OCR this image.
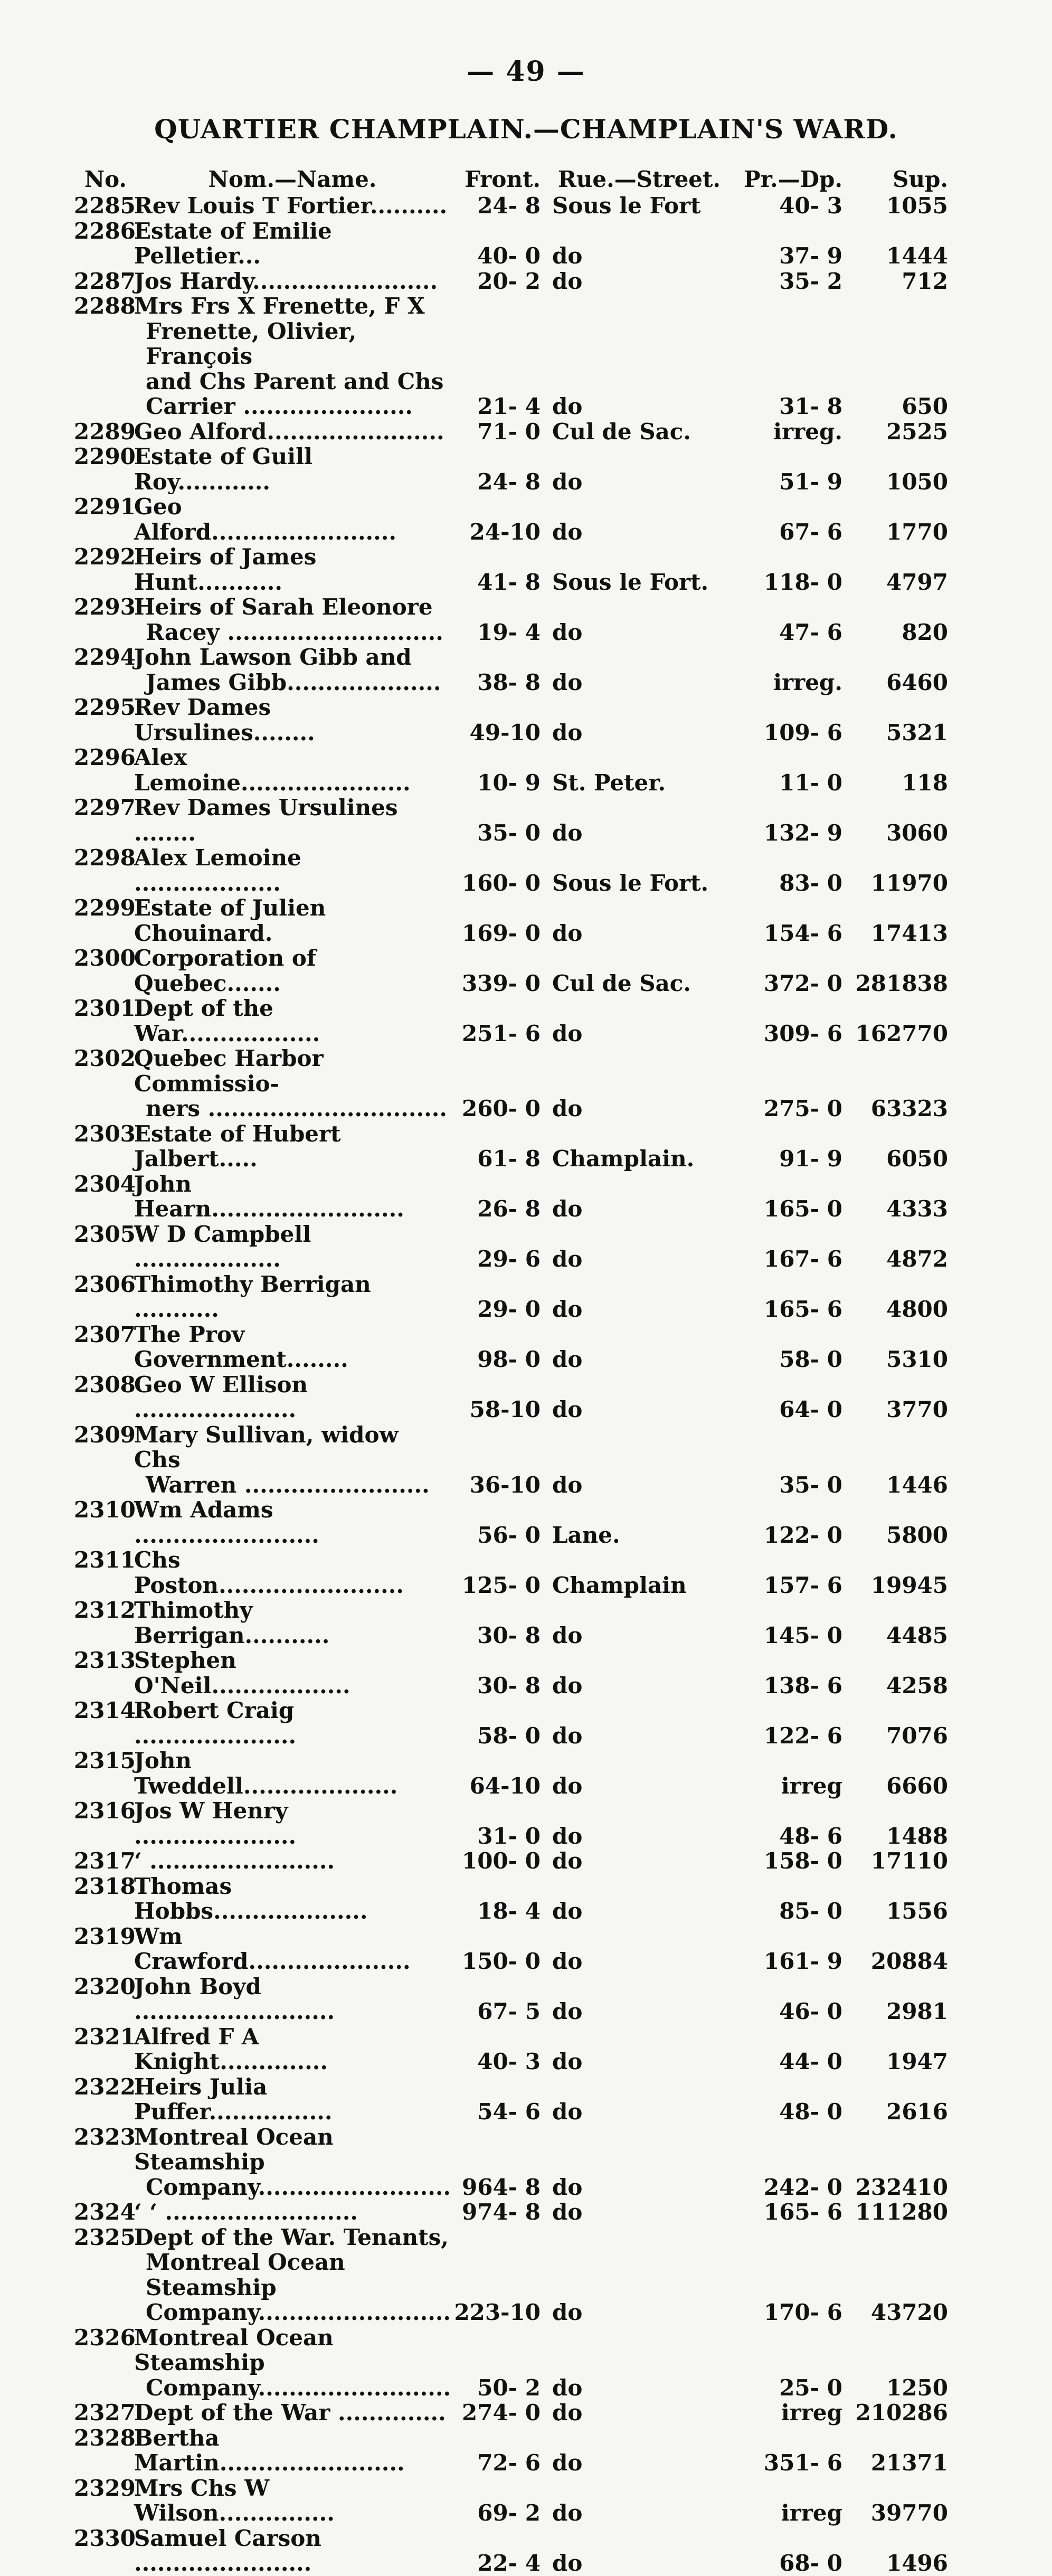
— 49 —
QUARTIER CHAMPLAIN.—CHAMPLAIN'S WARD.
No.	Nom.—Name.	Front.	Rue.—Street.	Pr.—Dp.	Sup.
2285	Rev Louis T Fortier..........	24- 8	Sous le Fort	40- 3	1055
2286	Estate of Emilie Pelletier...	40- 0	do	37- 9	1444
2287	Jos Hardy........................	20- 2	do	35- 2	712
2288	Mrs Frs X Frenette, F X
Frenette, Olivier, François
and Chs Parent and Chs
Carrier ......................	21- 4	do	31- 8	650
2289	Geo Alford.......................	71- 0	Cul de Sac.	irreg.	2525
2290	Estate of Guill Roy............	24- 8	do	51- 9	1050
2291	Geo Alford........................	24-10	do	67- 6	1770
2292	Heirs of James Hunt...........	41- 8	Sous le Fort.	118- 0	4797
2293	Heirs of Sarah Eleonore
Racey ............................	19- 4	do	47- 6	820
2294	John Lawson Gibb and
James Gibb....................	38- 8	do	irreg.	6460
2295	Rev Dames Ursulines........	49-10	do	109- 6	5321
2296	Alex Lemoine......................	10- 9	St. Peter.	11- 0	118
2297	Rev Dames Ursulines ........	35- 0	do	132- 9	3060
2298	Alex Lemoine ...................	160- 0	Sous le Fort.	83- 0	11970
2299	Estate of Julien Chouinard.	169- 0	do	154- 6	17413
2300	Corporation of Quebec.......	339- 0	Cul de Sac.	372- 0	281838
2301	Dept of the War..................	251- 6	do	309- 6	162770
2302	Quebec Harbor Commissio-
ners ...............................	260- 0	do	275- 0	63323
2303'	Estate of Hubert Jalbert.....	61- 8	Champlain.	91- 9	6050
2304	John Hearn.........................	26- 8	do	165- 0	4333
2305	W D Campbell ...................	29- 6	do	167- 6	4872
2306	Thimothy Berrigan ...........	29- 0	do	165- 6	4800
2307	The Prov Government........	98- 0	do	58- 0	5310
2308	Geo W Ellison .....................	58-10	do	64- 0	3770
2309	Mary Sullivan, widow Chs
Warren ........................	36-10	do	35- 0	1446
2310	Wm Adams ........................	56- 0	Lane.	122- 0	5800
2311	Chs Poston........................	125- 0	Champlain	157- 6	19945
2312	Thimothy Berrigan...........	30- 8	do	145- 0	4485
2313	Stephen O'Neil..................	30- 8	do	138- 6	4258
2314	Robert Craig .....................	58- 0	do	122- 6	7076
2315	John Tweddell....................	64-10	do	irreg	6660
2316	Jos W Henry .....................	31- 0	do	48- 6	1488
2317	‘ ........................	100- 0	do	158- 0	17110
2318	Thomas Hobbs....................	18- 4	do	85- 0	1556
2319	Wm Crawford.....................	150- 0	do	161- 9	20884
2320	John Boyd ..........................	67- 5	do	46- 0	2981
2321	Alfred F A Knight..............	40- 3	do	44- 0	1947
2322	Heirs Julia Puffer................	54- 6	do	48- 0	2616
2323	Montreal Ocean Steamship
Company.........................	964- 8	do	242- 0	232410
2324	‘ ‘ .........................	974- 8	do	165- 6	111280
2325	Dept of the War. Tenants,
Montreal Ocean Steamship
Company.........................	223-10	do	170- 6	43720
2326	Montreal Ocean Steamship
Company.........................	50- 2	do	25- 0	1250
2327	Dept of the War ..............	274- 0	do	irreg	210286
2328	Bertha Martin........................	72- 6	do	351- 6	21371
2329	Mrs Chs W Wilson...............	69- 2	do	irreg	39770
2330	Samuel Carson .......................	22- 4	do	68- 0	1496
